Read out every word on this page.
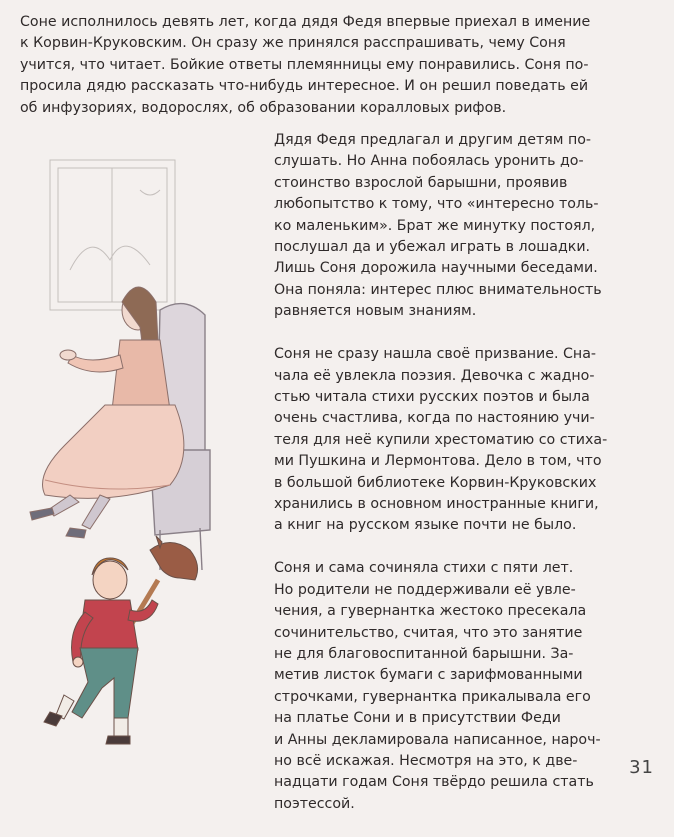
Соне исполнилось девять лет, когда дядя Федя впервые приехал в имение
к Корвин-Круковским. Он сразу же принялся расспрашивать, чему Соня
учится, что читает. Бойкие ответы племянницы ему понравились. Соня по-
просила дядю рассказать что-нибудь интересное. И он решил поведать ей
об инфузориях, водорослях, об образовании коралловых рифов.

Дядя Федя предлагал и другим детям по-
слушать. Но Анна побоялась уронить до-
стоинство взрослой барышни, проявив
любопытство к тому, что «интересно толь-
ко маленьким». Брат же минутку постоял,
послушал да и убежал играть в лошадки.
Лишь Соня дорожила научными беседами.
Она поняла: интерес плюс внимательность
равняется новым знаниям.

Соня не сразу нашла своё призвание. Сна-
чала её увлекла поэзия. Девочка с жадно-
стью читала стихи русских поэтов и была
очень счастлива, когда по настоянию учи-
теля для неё купили хрестоматию со стиха-
ми Пушкина и Лермонтова. Дело в том, что
в большой библиотеке Корвин-Круковских
хранились в основном иностранные книги,
а книг на русском языке почти не было.

Соня и сама сочиняла стихи с пяти лет.
Но родители не поддерживали её увле-
чения, а гувернантка жестоко пресекала
сочинительство, считая, что это занятие
не для благовоспитанной барышни. За-
метив листок бумаги с зарифмованными
строчками, гувернантка прикалывала его
на платье Сони и в присутствии Феди
и Анны декламировала написанное, нароч-
но всё искажая. Несмотря на это, к две-
надцати годам Соня твёрдо решила стать
поэтессой.

31
